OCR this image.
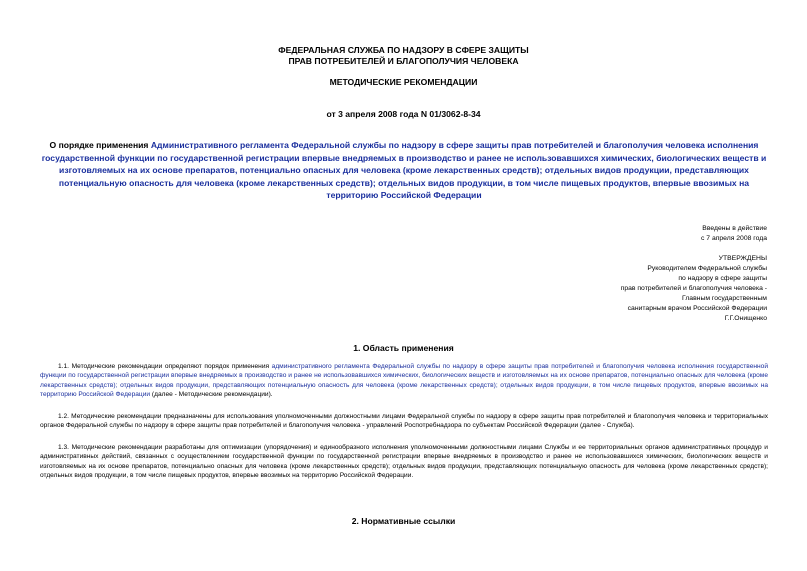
ФЕДЕРАЛЬНАЯ СЛУЖБА ПО НАДЗОРУ В СФЕРЕ ЗАЩИТЫ
ПРАВ ПОТРЕБИТЕЛЕЙ И БЛАГОПОЛУЧИЯ ЧЕЛОВЕКА
МЕТОДИЧЕСКИЕ РЕКОМЕНДАЦИИ
от 3 апреля 2008 года N 01/3062-8-34
О порядке применения Административного регламента Федеральной службы по надзору в сфере защиты прав потребителей и благополучия человека исполнения государственной функции по государственной регистрации впервые внедряемых в производство и ранее не использовавшихся химических, биологических веществ и изготовляемых на их основе препаратов, потенциально опасных для человека (кроме лекарственных средств); отдельных видов продукции, представляющих потенциальную опасность для человека (кроме лекарственных средств); отдельных видов продукции, в том числе пищевых продуктов, впервые ввозимых на территорию Российской Федерации
Введены в действие
с 7 апреля 2008 года
УТВЕРЖДЕНЫ
Руководителем Федеральной службы
по надзору в сфере защиты
прав потребителей и благополучия человека -
Главным государственным
санитарным врачом Российской Федерации
Г.Г.Онищенко
1. Область применения
1.1. Методические рекомендации определяют порядок применения административного регламента Федеральной службы по надзору в сфере защиты прав потребителей и благополучия человека исполнения государственной функции по государственной регистрации впервые внедряемых в производство и ранее не использовавшихся химических, биологических веществ и изготовляемых на их основе препаратов, потенциально опасных для человека (кроме лекарственных средств); отдельных видов продукции, представляющих потенциальную опасность для человека (кроме лекарственных средств); отдельных видов продукции, в том числе пищевых продуктов, впервые ввозимых на территорию Российской Федерации (далее - Методические рекомендации).
1.2. Методические рекомендации предназначены для использования уполномоченными должностными лицами Федеральной службы по надзору в сфере защиты прав потребителей и благополучия человека и территориальных органов Федеральной службы по надзору в сфере защиты прав потребителей и благополучия человека - управлений Роспотребнадзора по субъектам Российской Федерации (далее - Служба).
1.3. Методические рекомендации разработаны для оптимизации (упорядочения) и единообразного исполнения уполномоченными должностными лицами Службы и ее территориальных органов административных процедур и административных действий, связанных с осуществлением государственной функции по государственной регистрации впервые внедряемых в производство и ранее не использовавшихся химических, биологических веществ и изготовляемых на их основе препаратов, потенциально опасных для человека (кроме лекарственных средств); отдельных видов продукции, представляющих потенциальную опасность для человека (кроме лекарственных средств); отдельных видов продукции, в том числе пищевых продуктов, впервые ввозимых на территорию Российской Федерации.
2. Нормативные ссылки
